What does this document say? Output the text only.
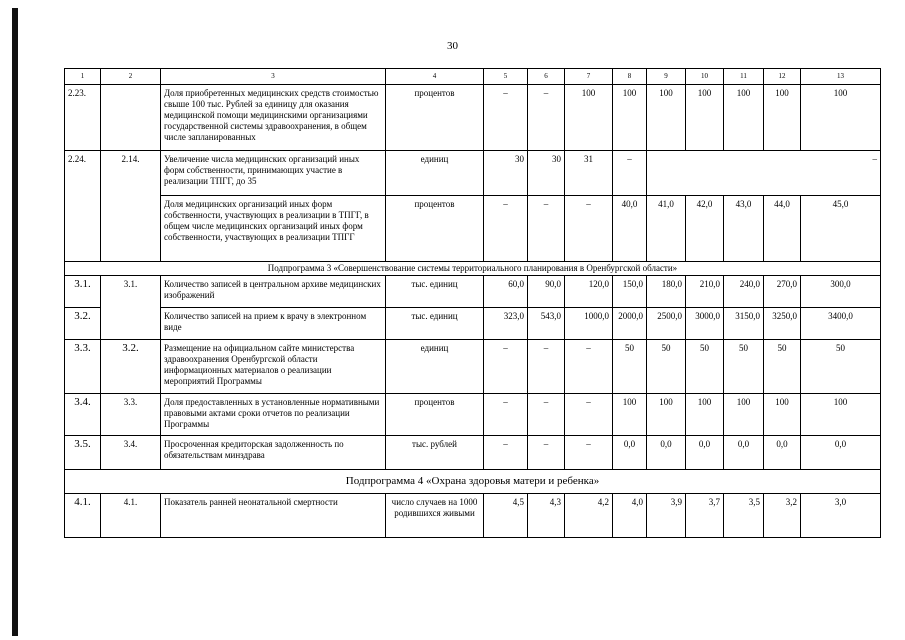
30
1	2	3	4	5	6	7	8	9	10	11	12	13
2.23.		Доля приобретенных медицинских средств стоимостью свыше 100 тыс. Рублей за единицу для оказания медицинской помощи медицинскими организациями государственной системы здравоохранения, в общем числе запланированных	процентов	–	–	100	100	100	100	100	100	100
2.24.	2.14.	Увеличение числа медицинских организаций иных форм собственности, принимающих участие в реализации ТПГГ, до 35	единиц	30	30	31	–					–
		Доля медицинских организаций иных форм собственности, участвующих в реализации в ТПГГ, в общем числе медицинских организаций иных форм собственности, участвующих в реализации ТПГГ	процентов	–	–	–	40,0	41,0	42,0	43,0	44,0	45,0
Подпрограмма 3 «Совершенствование системы территориального планирования в Оренбургской области»												
3.1.	3.1.	Количество записей в центральном архиве медицинских изображений	тыс. единиц	60,0	90,0	120,0	150,0	180,0	210,0	240,0	270,0	300,0
3.2.		Количество записей на прием к врачу в электронном виде	тыс. единиц	323,0	543,0	1000,0	2000,0	2500,0	3000,0	3150,0	3250,0	3400,0
3.3.	3.2.	Размещение на официальном сайте министерства здравоохранения Оренбургской области информационных материалов о реализации мероприятий Программы	единиц	–	–	–	50	50	50	50	50	50
3.4.	3.3.	Доля предоставленных в установленные нормативными правовыми актами сроки отчетов по реализации Программы	процентов	–	–	–	100	100	100	100	100	100
3.5.	3.4.	Просроченная кредиторская задолженность по обязательствам минздрава	тыс. рублей	–	–	–	0,0	0,0	0,0	0,0	0,0	0,0
Подпрограмма 4 «Охрана здоровья матери и ребенка»												
4.1.	4.1.	Показатель ранней неонатальной смертности	число случаев на 1000 родившихся живыми	4,5	4,3	4,2	4,0	3,9	3,7	3,5	3,2	3,0
